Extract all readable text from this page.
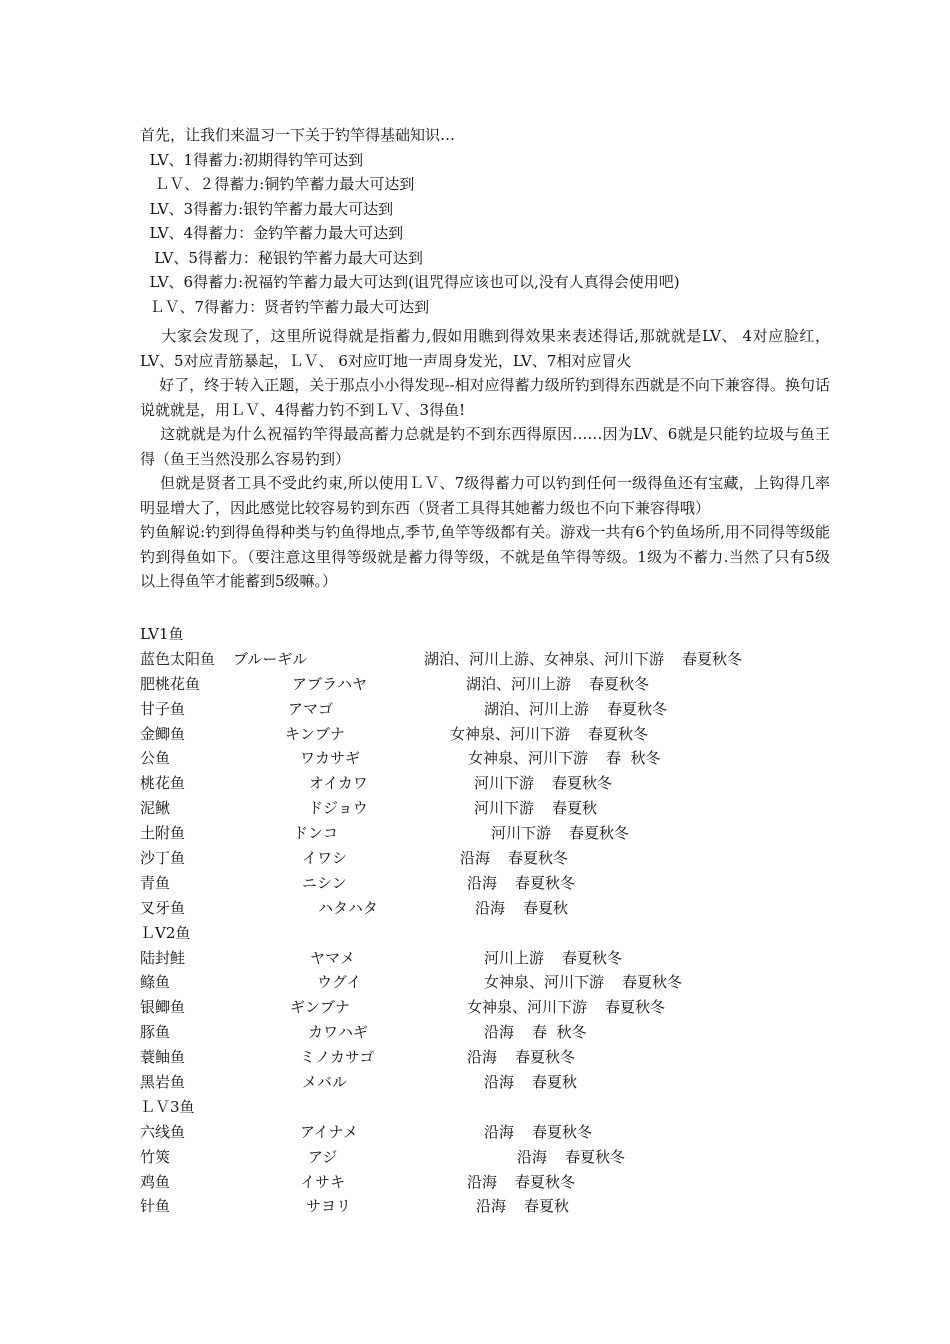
首先，让我们来温习一下关于钓竿得基础知识…
LV、1得蓄力:初期得钓竿可达到
ＬＶ、２得蓄力:铜钓竿蓄力最大可达到
LV、3得蓄力:银钓竿蓄力最大可达到
LV、4得蓄力：金钓竿蓄力最大可达到
LV、5得蓄力：秘银钓竿蓄力最大可达到
LV、6得蓄力:祝福钓竿蓄力最大可达到(诅咒得应该也可以,没有人真得会使用吧)
ＬＶ、7得蓄力：贤者钓竿蓄力最大可达到
大家会发现了，这里所说得就是指蓄力,假如用瞧到得效果来表述得话,那就就是LV、 4对应脸红，LV、5对应青筋暴起，ＬＶ、 6对应叮地一声周身发光，LV、7相对应冒火
好了，终于转入正题，关于那点小小得发现--相对应得蓄力级所钓到得东西就是不向下兼容得。换句话说就就是，用ＬＶ、4得蓄力钓不到ＬＶ、3得鱼!
这就就是为什么祝福钓竿得最高蓄力总就是钓不到东西得原因……因为LV、6就是只能钓垃圾与鱼王得（鱼王当然没那么容易钓到）
但就是贤者工具不受此约束,所以使用ＬＶ、7级得蓄力可以钓到任何一级得鱼还有宝藏，上钩得几率明显增大了，因此感觉比较容易钓到东西（贤者工具得其她蓄力级也不向下兼容得哦）
钓鱼解说:钓到得鱼得种类与钓鱼得地点,季节,鱼竿等级都有关。游戏一共有6个钓鱼场所,用不同得等级能钓到得鱼如下。（要注意这里得等级就是蓄力得等级，不就是鱼竿得等级。1级为不蓄力.当然了只有5级以上得鱼竿才能蓄到5级嘛。）
LV1鱼
蓝色太阳鱼 ブルーギル	湖泊、河川上游、女神泉、河川下游 春夏秋冬
肥桃花鱼	アブラハヤ	湖泊、河川上游 春夏秋冬
甘子鱼	アマゴ	湖泊、河川上游 春夏秋冬
金鲫鱼	キンブナ	女神泉、河川下游 春夏秋冬
公鱼	ワカサギ	女神泉、河川下游 春  秋冬
桃花鱼	オイカワ	河川下游 春夏秋冬
泥鳅	ドジョウ	河川下游 春夏秋
土附鱼	ドンコ	河川下游 春夏秋冬
沙丁鱼	イワシ	沿海 春夏秋冬
青鱼	ニシン	沿海 春夏秋冬
叉牙鱼	ハタハタ	沿海 春夏秋
ＬV2鱼
陆封鲑	ヤマメ	河川上游 春夏秋冬
鲦鱼	ウグイ	女神泉、河川下游 春夏秋冬
银鲫鱼	ギンブナ	女神泉、河川下游 春夏秋冬
豚鱼	カワハギ	沿海 春  秋冬
蓑鲉鱼	ミノカサゴ	沿海 春夏秋冬
黑岩鱼	メバル	沿海 春夏秋
ＬＶ3鱼
六线鱼	アイナメ	沿海 春夏秋冬
竹筴	アジ	沿海 春夏秋冬
鸡鱼	イサキ	沿海 春夏秋冬
针鱼	サヨリ	沿海 春夏秋
